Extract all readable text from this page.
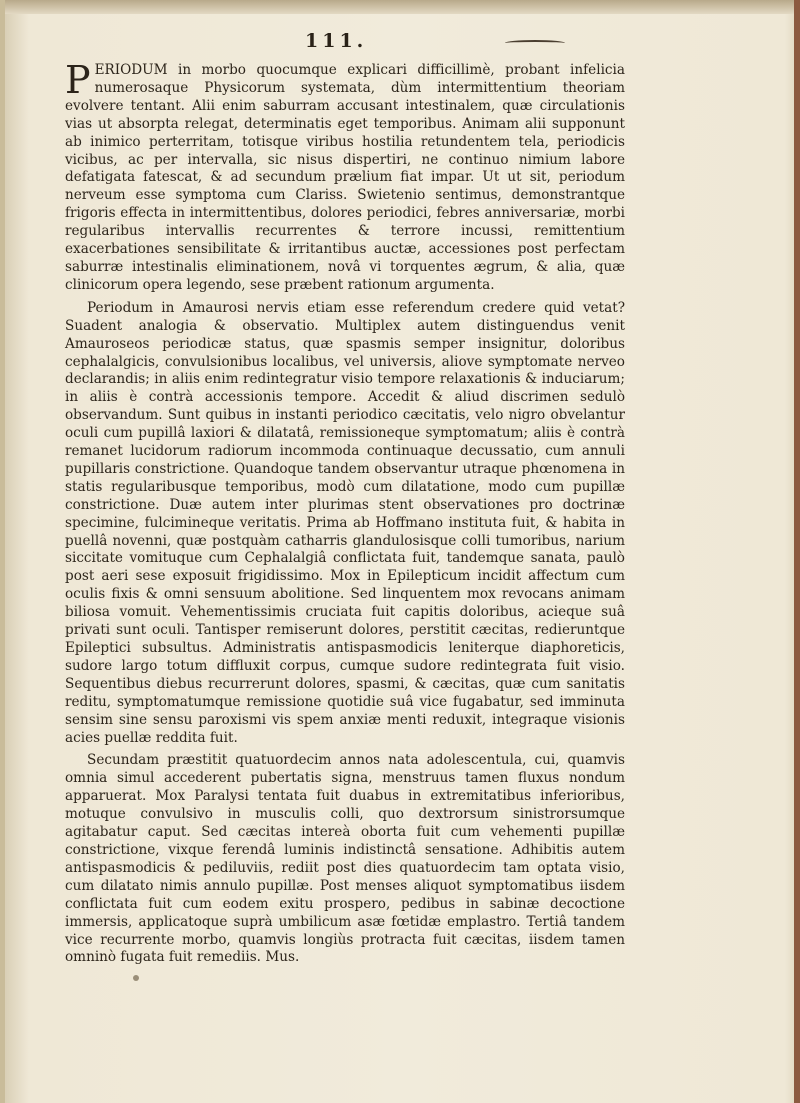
111.

PERIODUM in morbo quocumque explicari difficillimè, probant infelicia numerosaque Physicorum systemata, dùm intermittentium theoriam evolvere tentant. Alii enim saburram accusant intestinalem, quæ circulationis vias ut absorpta relegat, determinatis eget temporibus. Animam alii supponunt ab inimico perterritam, totisque viribus hostilia retundentem tela, periodicis vicibus, ac per intervalla, sic nisus dispertiri, ne continuo nimium labore defatigata fatescat, & ad secundum prælium fiat impar. Ut ut sit, periodum nerveum esse symptoma cum Clariss. Swietenio sentimus, demonstrantque frigoris effecta in intermittentibus, dolores periodici, febres anniversariæ, morbi regularibus intervallis recurrentes & terrore incussi, remittentium exacerbationes sensibilitate & irritantibus auctæ, accessiones post perfectam saburræ intestinalis eliminationem, novâ vi torquentes ægrum, & alia, quæ clinicorum opera legendo, sese præbent rationum argumenta.

Periodum in Amaurosi nervis etiam esse referendum credere quid vetat? Suadent analogia & observatio. Multiplex autem distinguendus venit Amauroseos periodicæ status, quæ spasmis semper insignitur, doloribus cephalalgicis, convulsionibus localibus, vel universis, aliove symptomate nerveo declarandis; in aliis enim redintegratur visio tempore relaxationis & induciarum; in aliis è contrà accessionis tempore. Accedit & aliud discrimen sedulò observandum. Sunt quibus in instanti periodico cæcitatis, velo nigro obvelantur oculi cum pupillâ laxiori & dilatatâ, remissioneque symptomatum; aliis è contrà remanet lucidorum radiorum incommoda continuaque decussatio, cum annuli pupillaris constrictione. Quandoque tandem observantur utraque phœnomena in statis regularibusque temporibus, modò cum dilatatione, modo cum pupillæ constrictione. Duæ autem inter plurimas stent observationes pro doctrinæ specimine, fulcimineque veritatis. Prima ab Hoffmano instituta fuit, & habita in puellâ novenni, quæ postquàm catharris glandulosisque colli tumoribus, narium siccitate vomituque cum Cephalalgiâ conflictata fuit, tandemque sanata, paulò post aeri sese exposuit frigidissimo. Mox in Epilepticum incidit affectum cum oculis fixis & omni sensuum abolitione. Sed linquentem mox revocans animam biliosa vomuit. Vehementissimis cruciata fuit capitis doloribus, acieque suâ privati sunt oculi. Tantisper remiserunt dolores, perstitit cæcitas, redieruntque Epileptici subsultus. Administratis antispasmodicis leniterque diaphoreticis, sudore largo totum diffluxit corpus, cumque sudore redintegrata fuit visio. Sequentibus diebus recurrerunt dolores, spasmi, & cæcitas, quæ cum sanitatis reditu, symptomatumque remissione quotidie suâ vice fugabatur, sed imminuta sensim sine sensu paroxismi vis spem anxiæ menti reduxit, integraque visionis acies puellæ reddita fuit.

Secundam præstitit quatuordecim annos nata adolescentula, cui, quamvis omnia simul accederent pubertatis signa, menstruus tamen fluxus nondum apparuerat. Mox Paralysi tentata fuit duabus in extremitatibus inferioribus, motuque convulsivo in musculis colli, quo dextrorsum sinistrorsumque agitabatur caput. Sed cæcitas intereà oborta fuit cum vehementi pupillæ constrictione, vixque ferendâ luminis indistinctâ sensatione. Adhibitis autem antispasmodicis & pediluviis, rediit post dies quatuordecim tam optata visio, cum dilatato nimis annulo pupillæ. Post menses aliquot symptomatibus iisdem conflictata fuit cum eodem exitu prospero, pedibus in sabinæ decoctione immersis, applicatoque suprà umbilicum asæ fœtidæ emplastro. Tertiâ tandem vice recurrente morbo, quamvis longiùs protracta fuit cæcitas, iisdem tamen omninò fugata fuit remediis. Mus.
